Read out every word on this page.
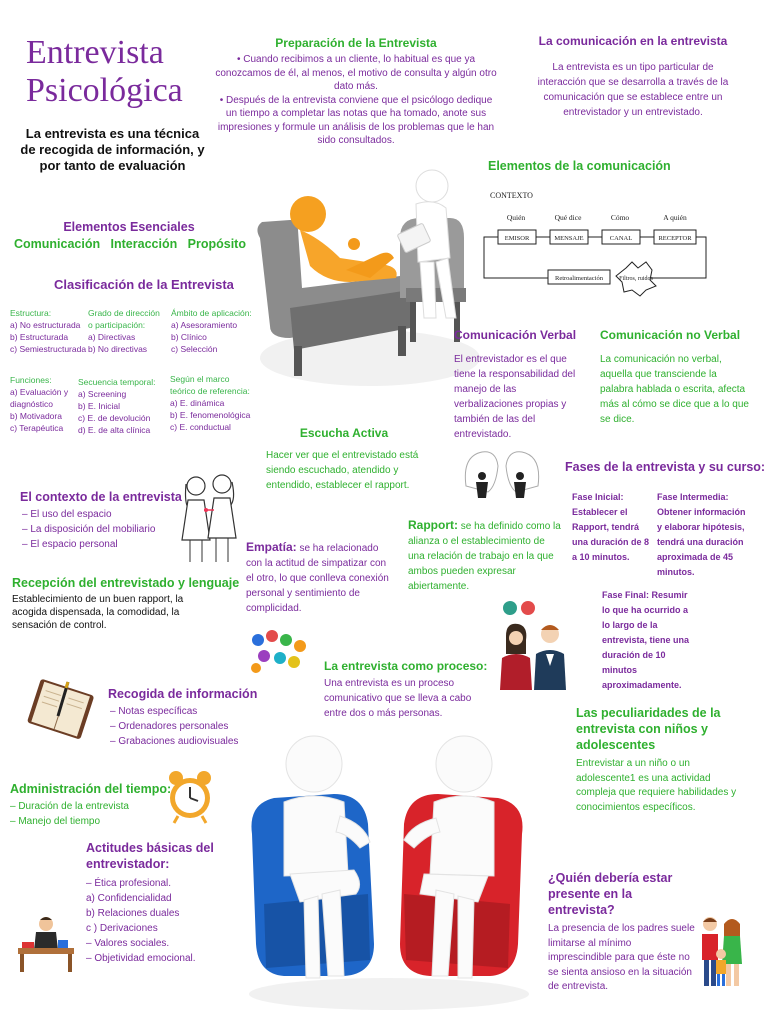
Entrevista
Psicológica
La entrevista es una técnica de recogida de información, y por tanto de evaluación
Elementos Esenciales
Comunicación   Interacción   Propósito
Clasificación de la Entrevista
Estructura:
a) No estructurada
b) Estructurada
c) Semiestructurada
Grado de dirección o participación:
a) Directivas
b) No directivas
Ámbito de aplicación:
a) Asesoramiento
b) Clínico
c) Selección
Funciones:
a) Evaluación y diagnóstico
b) Motivadora
c) Terapéutica
Secuencia temporal:
a) Screening
b) E. Inicial
c) E. de devolución
d) E. de alta clínica
Según el marco teórico de referencia:
a) E. dinámica
b) E. fenomenológica
c) E. conductual
El contexto de la entrevista
– El uso del espacio
– La disposición del mobiliario
– El espacio personal
Recepción del entrevistado y lenguaje
Establecimiento de un buen rapport, la acogida dispensada, la comodidad, la sensación de control.
Recogida de información
– Notas específicas
– Ordenadores personales
– Grabaciones audiovisuales
Administración del tiempo:
– Duración de la entrevista
– Manejo del tiempo
Actitudes básicas del entrevistador:
– Ética profesional.
a) Confidencialidad
b) Relaciones duales
c ) Derivaciones
– Valores sociales.
– Objetividad emocional.
Preparación de la Entrevista
• Cuando recibimos a un cliente, lo habitual es que ya conozcamos de él, al menos, el motivo de consulta y algún otro dato más.
• Después de la entrevista conviene que el psicólogo dedique un tiempo a completar las notas que ha tomado, anote sus impresiones y formule un análisis de los problemas que le han sido consultados.
La comunicación en la entrevista
La entrevista es un tipo particular de interacción que se desarrolla a través de la comunicación que se establece entre un entrevistador y un entrevistado.
Elementos de la comunicación
CONTEXTO
Quién	Qué dice	Cómo	A quién
EMISOR	MENSAJE	CANAL	RECEPTOR
Retroalimentación	Filtros, ruidos
Comunicación Verbal
El entrevistador es el que tiene la responsabilidad del manejo de las verbalizaciones propias y también de las del entrevistado.
Comunicación no Verbal
La comunicación no verbal, aquella que transciende la palabra hablada o escrita, afecta más al cómo se dice que a lo que se dice.
Escucha Activa
Hacer ver que el entrevistado está siendo escuchado, atendido y entendido, establecer el rapport.
Fases de la entrevista y su curso:
Fase Inicial: Establecer el Rapport, tendrá una duración de 8 a 10 minutos.
Fase Intermedia: Obtener información y elaborar hipótesis, tendrá una duración aproximada de 45 minutos.
Fase Final: Resumir lo que ha ocurrido a lo largo de la entrevista, tiene una duración de 10 minutos aproximadamente.
Rapport: se ha definido como la alianza o el establecimiento de una relación de trabajo en la que ambos pueden expresar abiertamente.
Empatía: se ha relacionado con la actitud de simpatizar con el otro, lo que conlleva conexión personal y sentimiento de complicidad.
La entrevista como proceso:
Una entrevista es un proceso comunicativo que se lleva a cabo entre dos o más personas.	Las peculiaridades de la entrevista con niños y adolescentes
Entrevistar a un niño o un adolescente1 es una actividad compleja que requiere habilidades y conocimientos específicos.
¿Quién debería estar presente en la entrevista?
La presencia de los padres suele limitarse al mínimo imprescindible para que éste no se sienta ansioso en la situación de entrevista.
